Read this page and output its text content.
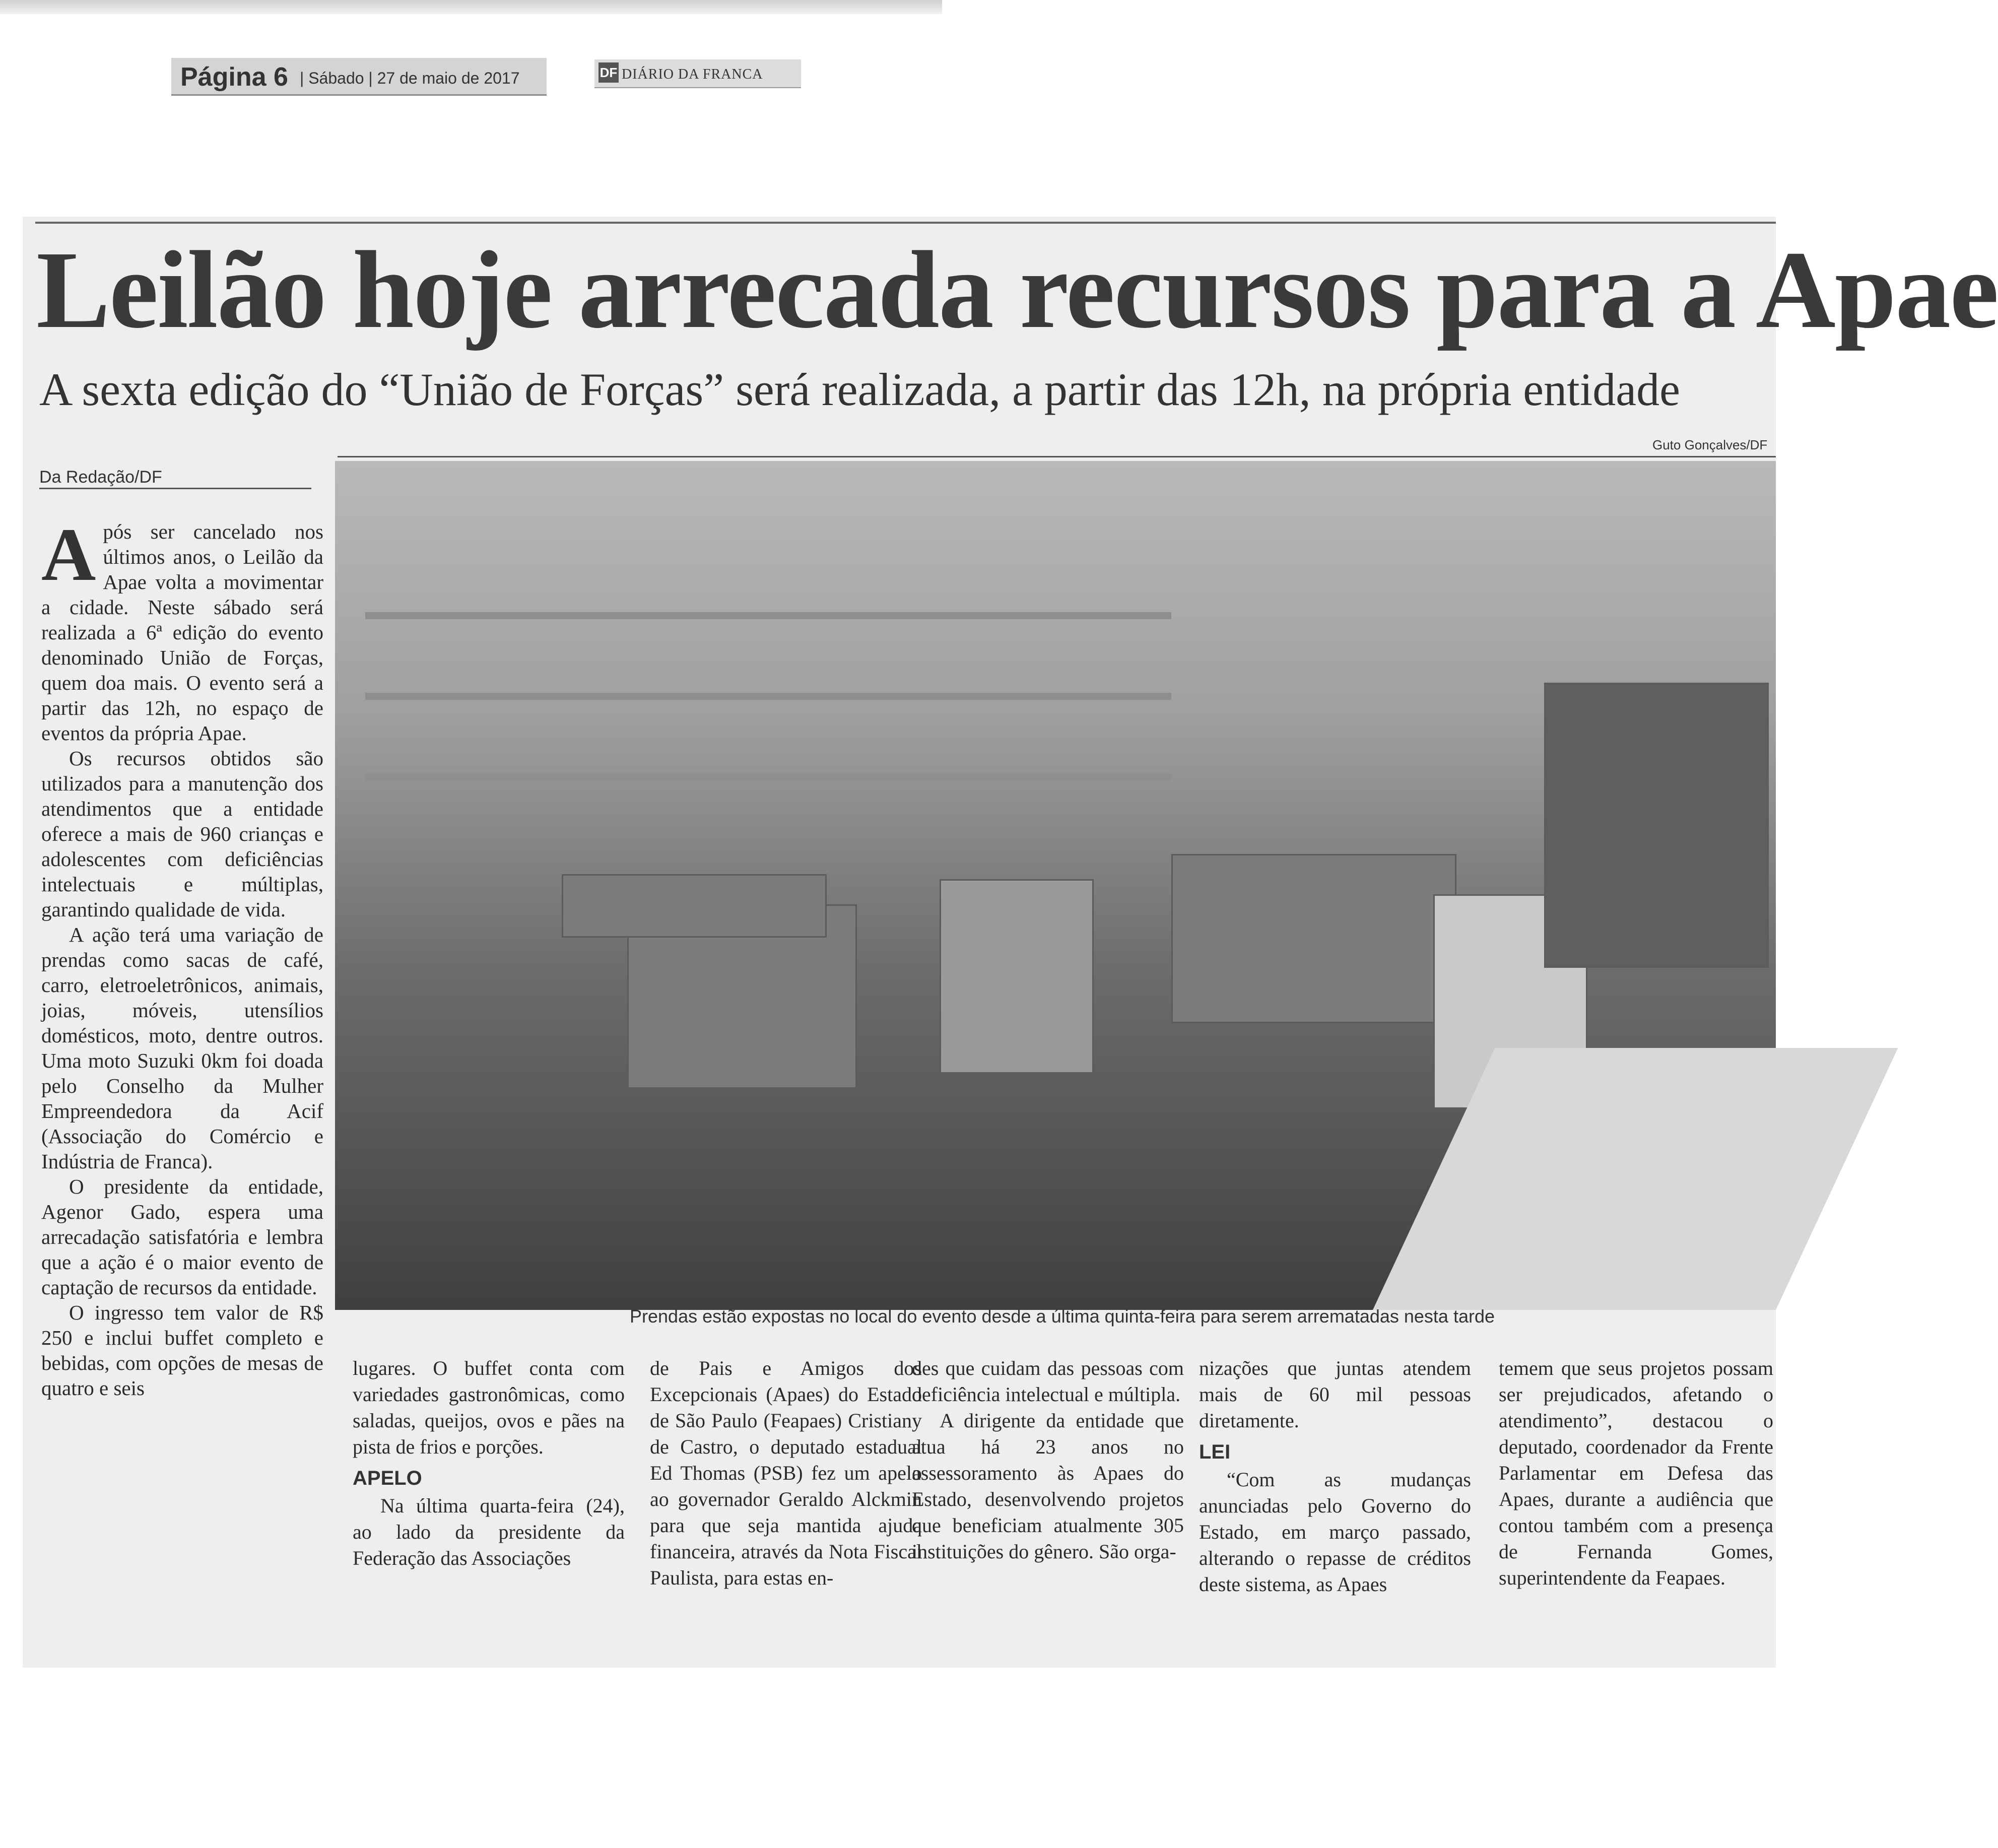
Página 6 | Sábado | 27 de maio de 2017	DF DIÁRIO DA FRANCA
Leilão hoje arrecada recursos para a Apae
A sexta edição do “União de Forças” será realizada, a partir das 12h, na própria entidade
Guto Gonçalves/DF
Da Redação/DF
Prendas estão expostas no local do evento desde a última quinta-feira para serem arrematadas nesta tarde

Após ser cancelado nos últimos anos, o Leilão da Apae volta a movimentar a cidade. Neste sábado será realizada a 6ª edição do evento denominado União de Forças, quem doa mais. O evento será a partir das 12h, no espaço de eventos da própria Apae.

Os recursos obtidos são utilizados para a manutenção dos atendimentos que a entidade oferece a mais de 960 crianças e adolescentes com deficiências intelectuais e múltiplas, garantindo qualidade de vida.

A ação terá uma variação de prendas como sacas de café, carro, eletroeletrônicos, animais, joias, móveis, utensílios domésticos, moto, dentre outros. Uma moto Suzuki 0km foi doada pelo Conselho da Mulher Empreendedora da Acif (Associação do Comércio e Indústria de Franca).

O presidente da entidade, Agenor Gado, espera uma arrecadação satisfatória e lembra que a ação é o maior evento de captação de recursos da entidade.

O ingresso tem valor de R$ 250 e inclui buffet completo e bebidas, com opções de mesas de quatro e seis

lugares. O buffet conta com variedades gastronômicas, como saladas, queijos, ovos e pães na pista de frios e porções.

APELO

Na última quarta-feira (24), ao lado da presidente da Federação das Associações

de Pais e Amigos dos Excepcionais (Apaes) do Estado de São Paulo (Feapaes) Cristiany de Castro, o deputado estadual Ed Thomas (PSB) fez um apelo ao governador Geraldo Alckmin para que seja mantida ajuda financeira, através da Nota Fiscal Paulista, para estas en-

des que cuidam das pessoas com deficiência intelectual e múltipla.

A dirigente da entidade que atua há 23 anos no assessoramento às Apaes do Estado, desenvolvendo projetos que beneficiam atualmente 305 instituições do gênero. São orga-

nizações que juntas atendem mais de 60 mil pessoas diretamente.

LEI

“Com as mudanças anunciadas pelo Governo do Estado, em março passado, alterando o repasse de créditos deste sistema, as Apaes

temem que seus projetos possam ser prejudicados, afetando o atendimento”, destacou o deputado, coordenador da Frente Parlamentar em Defesa das Apaes, durante a audiência que contou também com a presença de Fernanda Gomes, superintendente da Feapaes.
